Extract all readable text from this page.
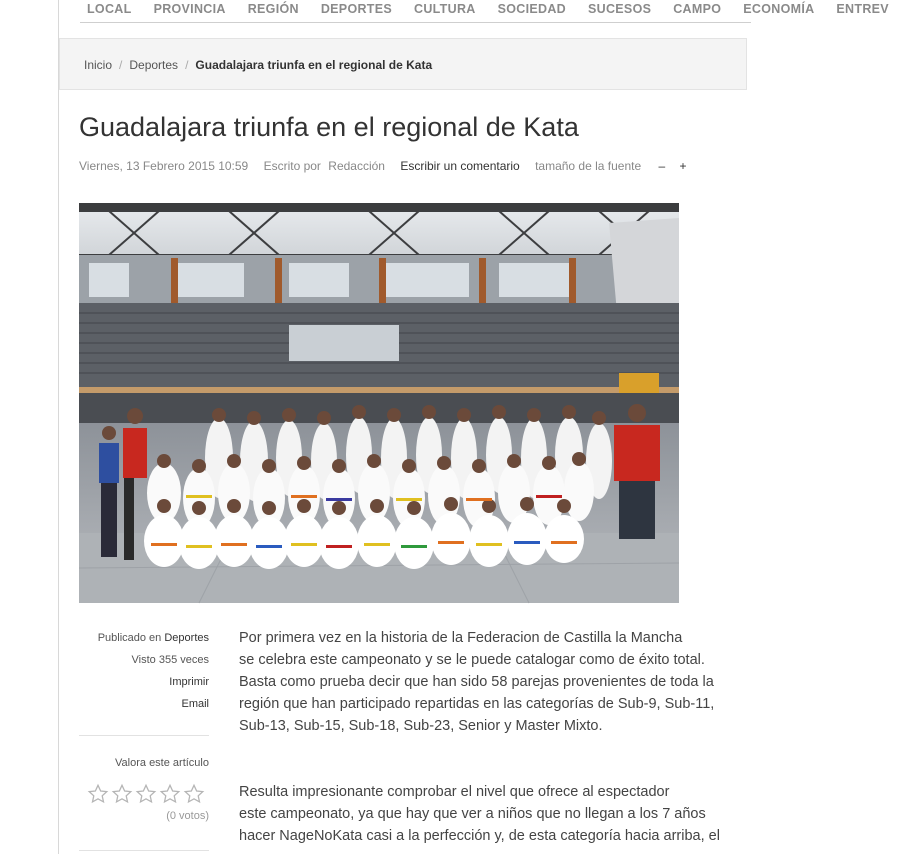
LOCAL PROVINCIA REGIÓN DEPORTES CULTURA SOCIEDAD SUCESOS CAMPO ECONOMÍA ENTREV
Inicio / Deportes / Guadalajara triunfa en el regional de Kata
Guadalajara triunfa en el regional de Kata
Viernes, 13 Febrero 2015 10:59 Escrito por Redacción Escribir un comentario tamaño de la fuente – +
Publicado en Deportes
Visto 355 veces
Imprimir
Email
Valora este artículo
(0 votos)
Por primera vez en la historia de la Federacion de Castilla la Mancha
se celebra este campeonato y se le puede catalogar como de éxito total.
Basta como prueba decir que han sido 58 parejas provenientes de toda la
región que han participado repartidas en las categorías de Sub-9, Sub-11,
Sub-13, Sub-15, Sub-18, Sub-23, Senior y Master Mixto.
Resulta impresionante comprobar el nivel que ofrece al espectador
este campeonato, ya que hay que ver a niños que no llegan a los 7 años
hacer NageNoKata casi a la perfección y, de esta categoría hacia arriba, el
